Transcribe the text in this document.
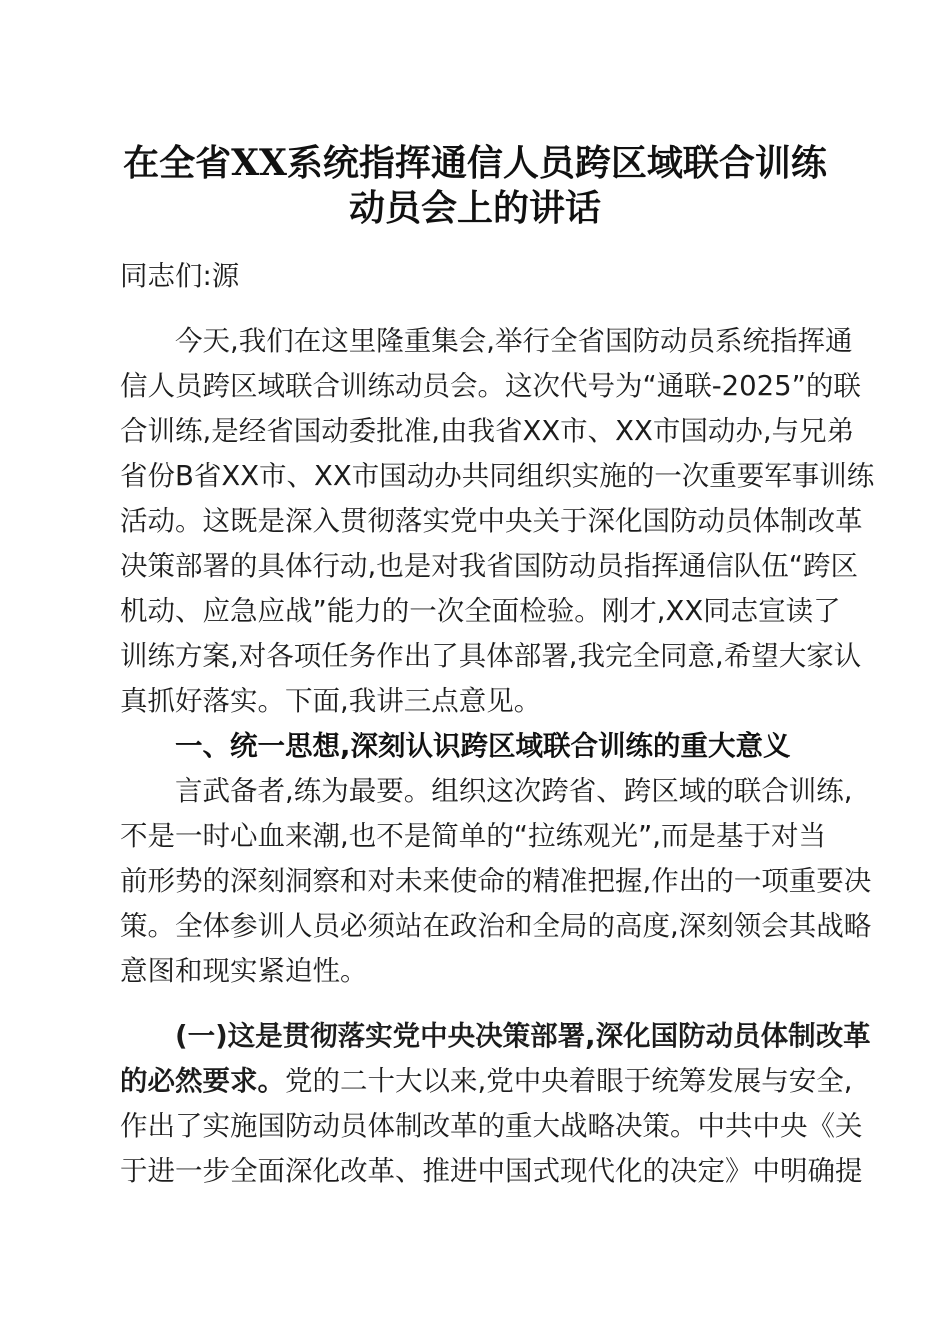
在全省XX系统指挥通信人员跨区域联合训练
动员会上的讲话
同志们:源
今天,我们在这里隆重集会,举行全省国防动员系统指挥通
信人员跨区域联合训练动员会。这次代号为“通联-2025”的联
合训练,是经省国动委批准,由我省XX市、XX市国动办,与兄弟
省份B省XX市、XX市国动办共同组织实施的一次重要军事训练
活动。这既是深入贯彻落实党中央关于深化国防动员体制改革
决策部署的具体行动,也是对我省国防动员指挥通信队伍“跨区
机动、应急应战”能力的一次全面检验。刚才,XX同志宣读了
训练方案,对各项任务作出了具体部署,我完全同意,希望大家认
真抓好落实。下面,我讲三点意见。
一、统一思想,深刻认识跨区域联合训练的重大意义
言武备者,练为最要。组织这次跨省、跨区域的联合训练,
不是一时心血来潮,也不是简单的“拉练观光”,而是基于对当
前形势的深刻洞察和对未来使命的精准把握,作出的一项重要决
策。全体参训人员必须站在政治和全局的高度,深刻领会其战略
意图和现实紧迫性。
(一)这是贯彻落实党中央决策部署,深化国防动员体制改革
的必然要求。党的二十大以来,党中央着眼于统筹发展与安全,
作出了实施国防动员体制改革的重大战略决策。中共中央《关
于进一步全面深化改革、推进中国式现代化的决定》中明确提
